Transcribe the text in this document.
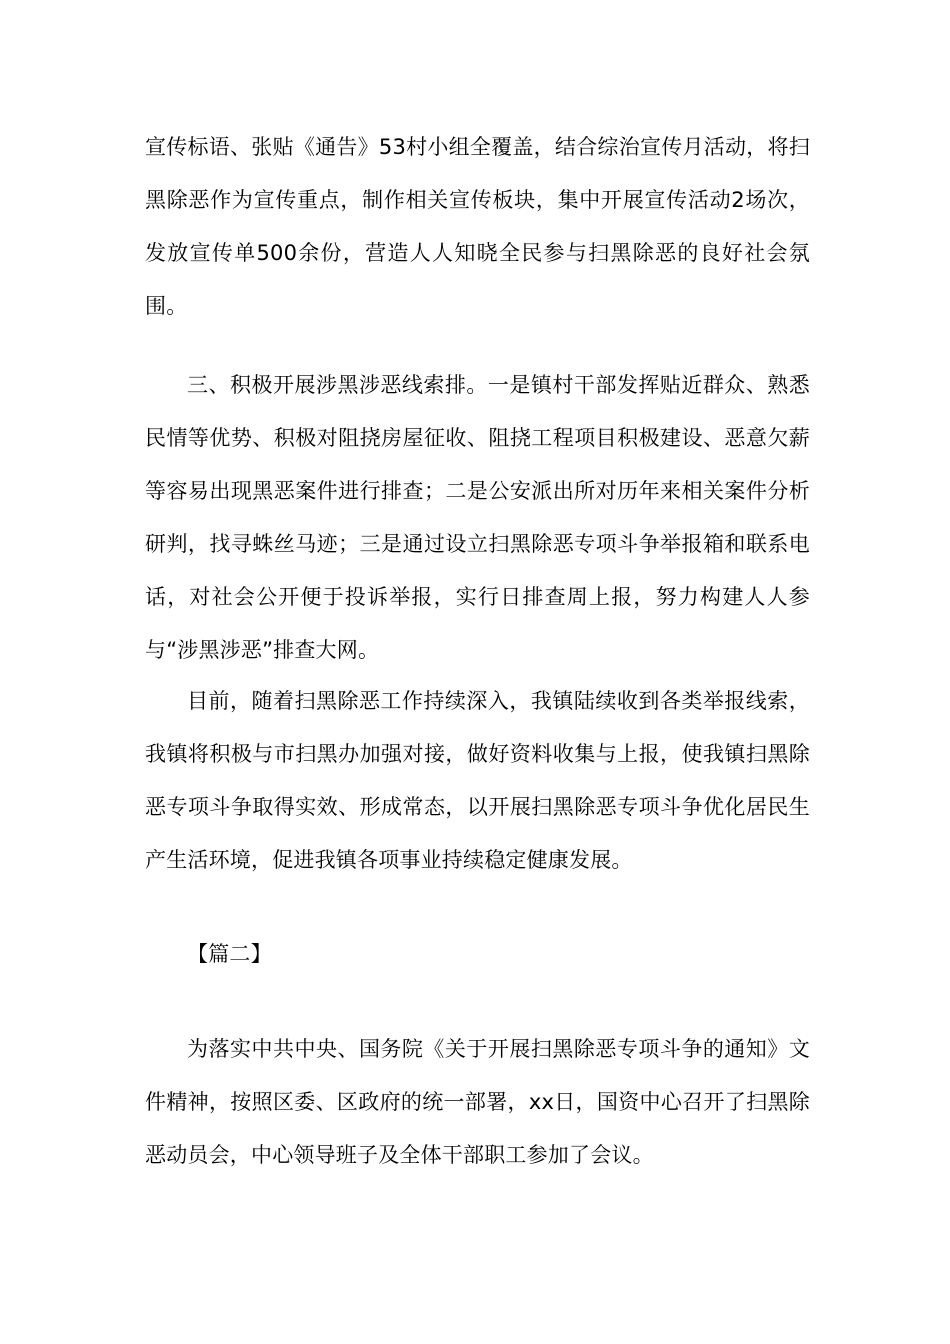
宣传标语、张贴《通告》53村小组全覆盖，结合综治宣传月活动，将扫黑除恶作为宣传重点，制作相关宣传板块，集中开展宣传活动2场次，发放宣传单500余份，营造人人知晓全民参与扫黑除恶的良好社会氛围。

三、积极开展涉黑涉恶线索排。一是镇村干部发挥贴近群众、熟悉民情等优势、积极对阻挠房屋征收、阻挠工程项目积极建设、恶意欠薪等容易出现黑恶案件进行排查；二是公安派出所对历年来相关案件分析研判，找寻蛛丝马迹；三是通过设立扫黑除恶专项斗争举报箱和联系电话，对社会公开便于投诉举报，实行日排查周上报，努力构建人人参与“涉黑涉恶”排查大网。

目前，随着扫黑除恶工作持续深入，我镇陆续收到各类举报线索，我镇将积极与市扫黑办加强对接，做好资料收集与上报，使我镇扫黑除恶专项斗争取得实效、形成常态，以开展扫黑除恶专项斗争优化居民生产生活环境，促进我镇各项事业持续稳定健康发展。

【篇二】

为落实中共中央、国务院《关于开展扫黑除恶专项斗争的通知》文件精神，按照区委、区政府的统一部署，xx日，国资中心召开了扫黑除恶动员会，中心领导班子及全体干部职工参加了会议。
